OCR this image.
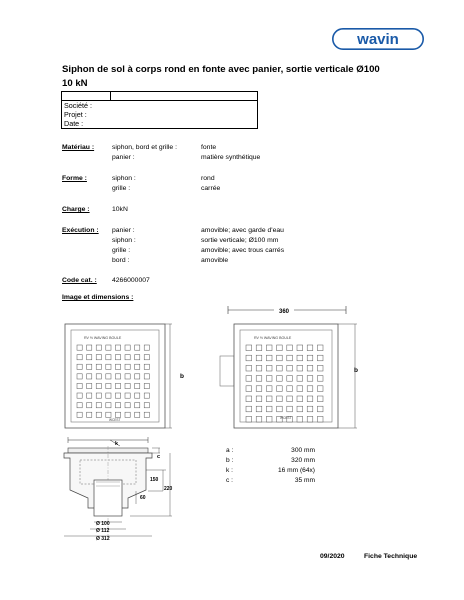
wavin
Siphon de sol à corps rond en fonte avec panier, sortie verticale Ø100
10 kN

Société :
Projet :
Date :
Matériau :	siphon, bord et grille :	fonte
panier :	matière synthétique
Forme :	siphon :	rond
grille :	carrée
Charge :	10kN
Exécution : panier :	amovible; avec garde d'eau
siphon :	sortie verticale; Ø100 mm
grille :	amovible; avec trous carrés
bord :	amovible
Code cat. : 4266000007
Image et dimensions :
RV ½ WAVING BOULE
WCEST
360
RV ½ WAVING BOULE
WCEST
b
b
k
c
150
220
60
Ø 100
Ø 112
Ø 312
a :	300 mm
b :	320 mm
k :	16 mm (64x)
c :	35 mm
09/2020	Fiche Technique
